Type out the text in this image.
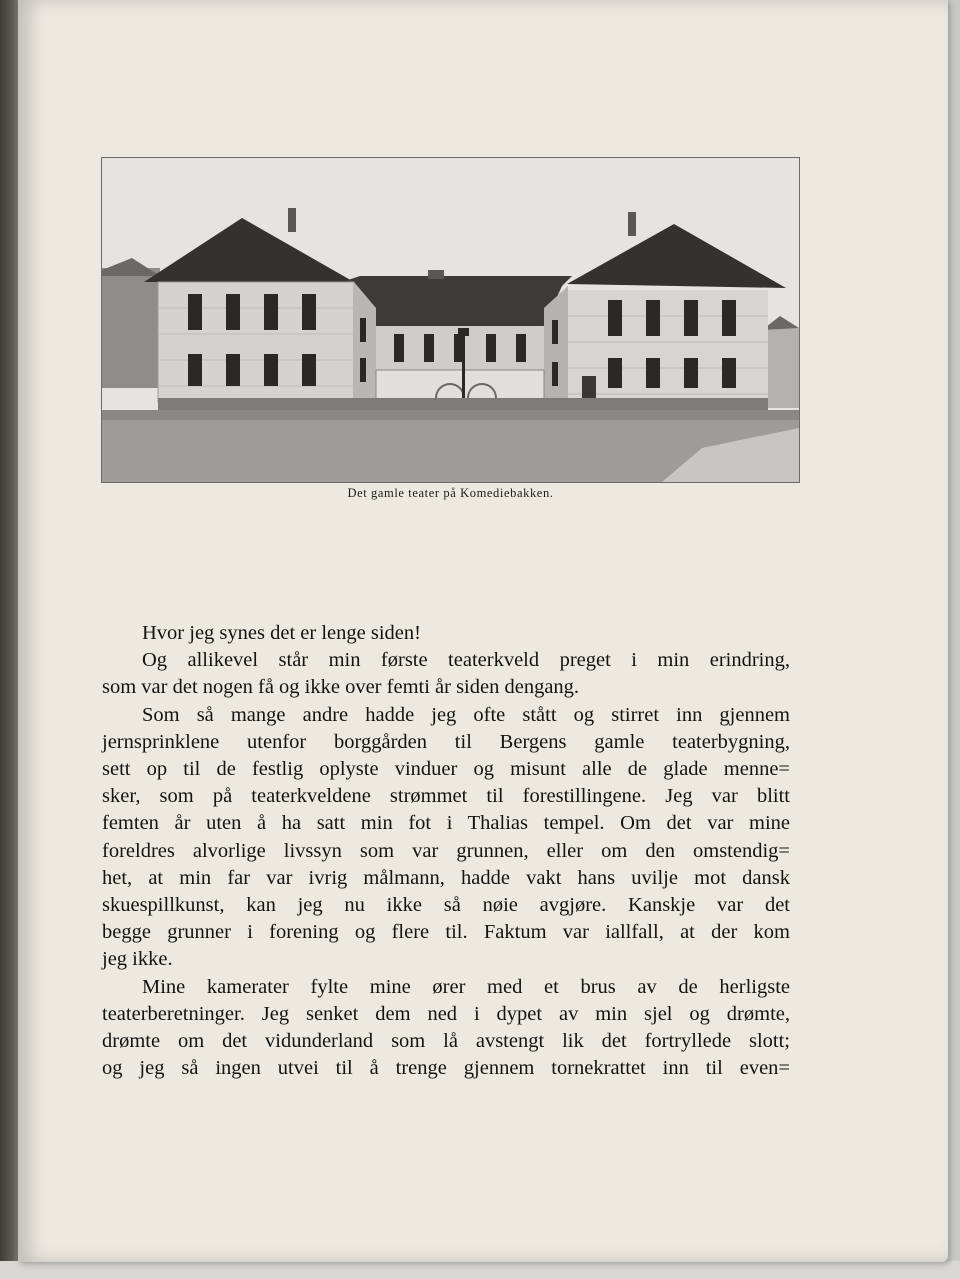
Det gamle teater på Komediebakken.
Hvor jeg synes det er lenge siden!
Og allikevel står min første teaterkveld preget i min erindring,
som var det nogen få og ikke over femti år siden dengang.
Som så mange andre hadde jeg ofte stått og stirret inn gjennem
jernsprinklene utenfor borggården til Bergens gamle teaterbygning,
sett op til de festlig oplyste vinduer og misunt alle de glade menne=
sker, som på teaterkveldene strømmet til forestillingene. Jeg var blitt
femten år uten å ha satt min fot i Thalias tempel. Om det var mine
foreldres alvorlige livssyn som var grunnen, eller om den omstendig=
het, at min far var ivrig målmann, hadde vakt hans uvilje mot dansk
skuespillkunst, kan jeg nu ikke så nøie avgjøre. Kanskje var det
begge grunner i forening og flere til. Faktum var iallfall, at der kom
jeg ikke.
Mine kamerater fylte mine ører med et brus av de herligste
teaterberetninger. Jeg senket dem ned i dypet av min sjel og drømte,
drømte om det vidunderland som lå avstengt lik det fortryllede slott;
og jeg så ingen utvei til å trenge gjennem tornekrattet inn til even=
